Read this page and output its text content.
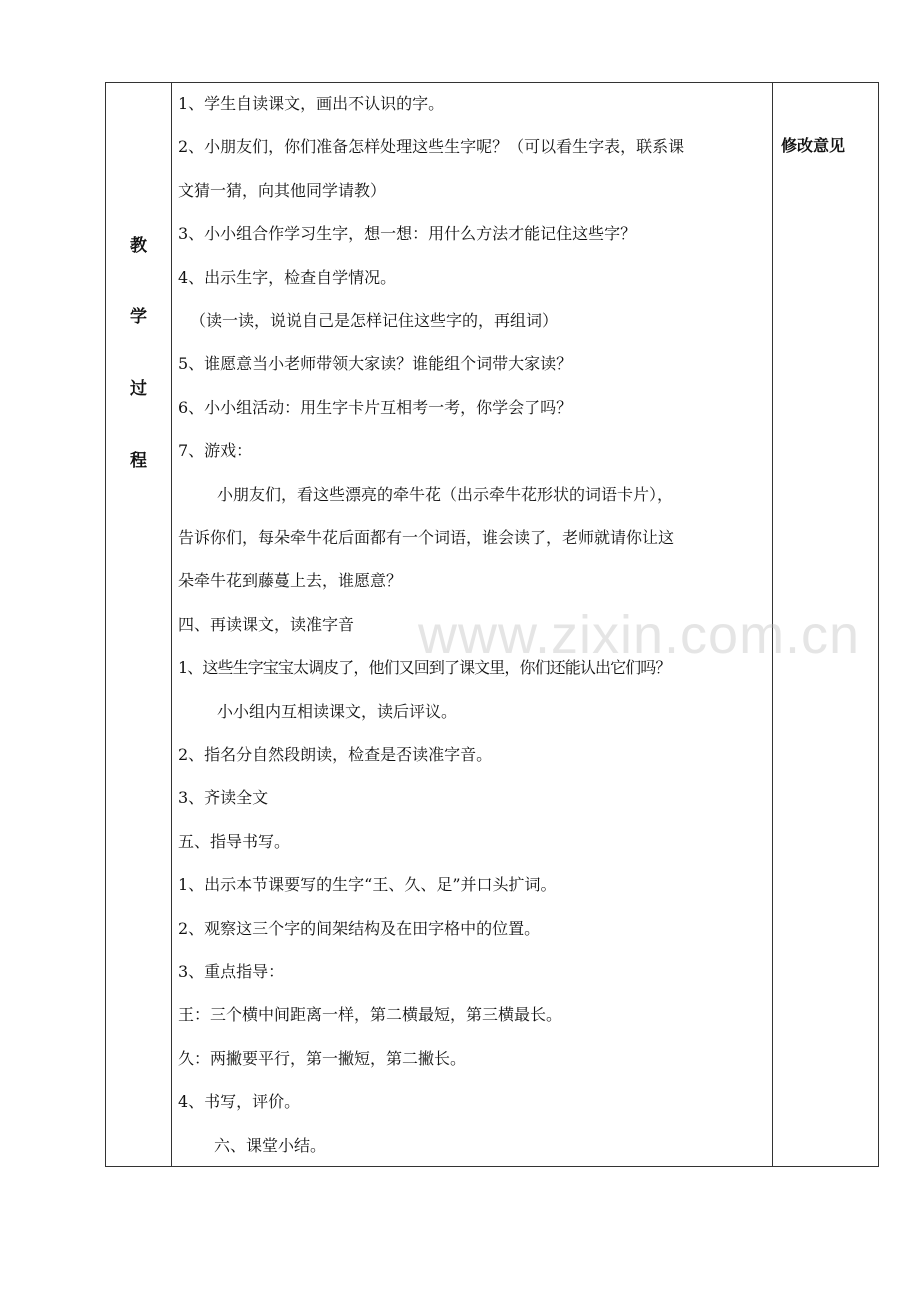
教
学
过
程
修改意见
1、学生自读课文，画出不认识的字。
2、小朋友们，你们准备怎样处理这些生字呢？（可以看生字表，联系课
文猜一猜，向其他同学请教）
3、小小组合作学习生字，想一想：用什么方法才能记住这些字？
4、出示生字，检查自学情况。
（读一读，说说自己是怎样记住这些字的，再组词）
5、谁愿意当小老师带领大家读？谁能组个词带大家读？
6、小小组活动：用生字卡片互相考一考，你学会了吗？
7、游戏：
小朋友们，看这些漂亮的牵牛花（出示牵牛花形状的词语卡片），
告诉你们，每朵牵牛花后面都有一个词语，谁会读了，老师就请你让这
朵牵牛花到藤蔓上去，谁愿意？
四、再读课文，读准字音
1、这些生字宝宝太调皮了，他们又回到了课文里，你们还能认出它们吗？
小小组内互相读课文，读后评议。
2、指名分自然段朗读，检查是否读准字音。
3、齐读全文
五、指导书写。
1、出示本节课要写的生字“王、久、足”并口头扩词。
2、观察这三个字的间架结构及在田字格中的位置。
3、重点指导：
王：三个横中间距离一样，第二横最短，第三横最长。
久：两撇要平行，第一撇短，第二撇长。
4、书写，评价。
六、课堂小结。
www.zixin.com.cn
